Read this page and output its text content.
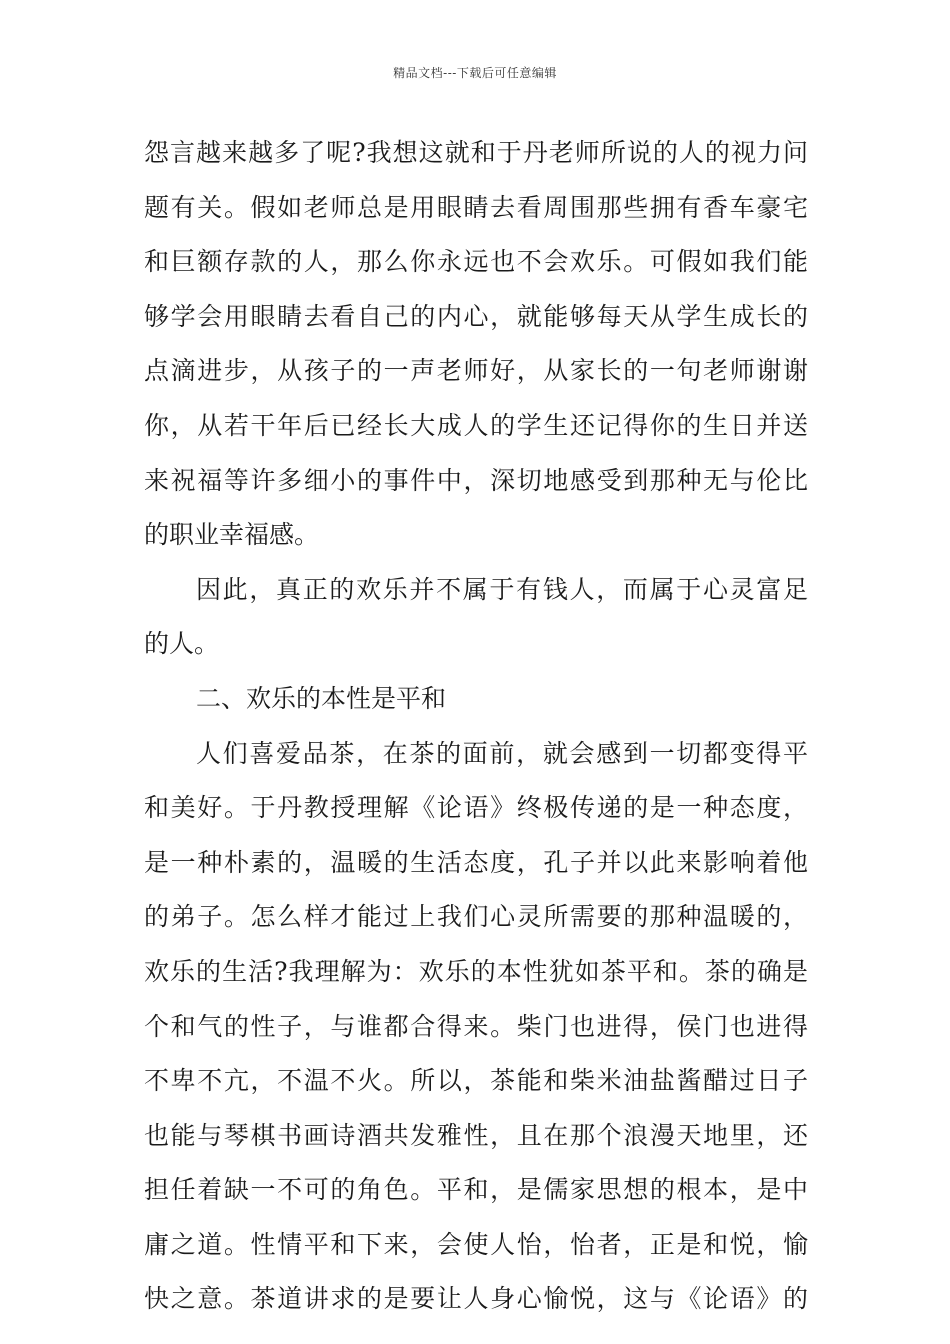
精品文档---下载后可任意编辑
怨言越来越多了呢?我想这就和于丹老师所说的人的视力问
题有关。假如老师总是用眼睛去看周围那些拥有香车豪宅
和巨额存款的人，那么你永远也不会欢乐。可假如我们能
够学会用眼睛去看自己的内心，就能够每天从学生成长的
点滴进步，从孩子的一声老师好，从家长的一句老师谢谢
你，从若干年后已经长大成人的学生还记得你的生日并送
来祝福等许多细小的事件中，深切地感受到那种无与伦比
的职业幸福感。
因此，真正的欢乐并不属于有钱人，而属于心灵富足
的人。
二、欢乐的本性是平和
人们喜爱品茶，在茶的面前，就会感到一切都变得平
和美好。于丹教授理解《论语》终极传递的是一种态度，
是一种朴素的，温暖的生活态度，孔子并以此来影响着他
的弟子。怎么样才能过上我们心灵所需要的那种温暖的，
欢乐的生活?我理解为：欢乐的本性犹如茶平和。茶的确是
个和气的性子，与谁都合得来。柴门也进得，侯门也进得
不卑不亢，不温不火。所以，茶能和柴米油盐酱醋过日子
也能与琴棋书画诗酒共发雅性，且在那个浪漫天地里，还
担任着缺一不可的角色。平和，是儒家思想的根本，是中
庸之道。性情平和下来，会使人怡，怡者，正是和悦，愉
快之意。茶道讲求的是要让人身心愉悦，这与《论语》的
